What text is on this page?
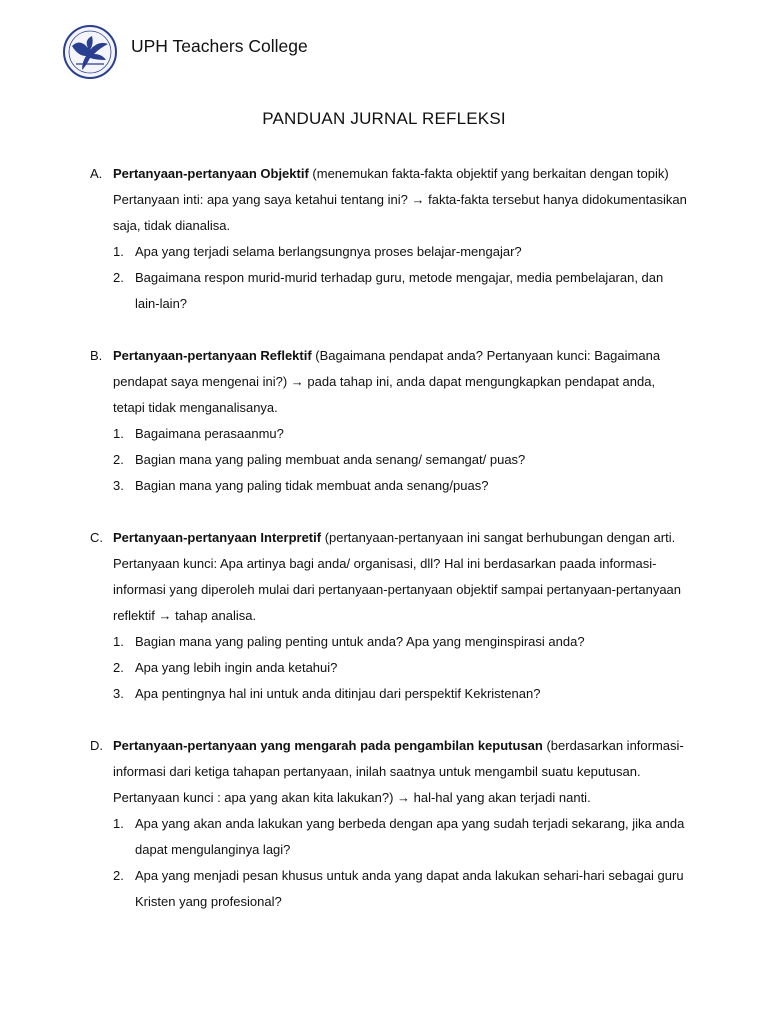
UPH Teachers College
PANDUAN JURNAL REFLEKSI
A. Pertanyaan-pertanyaan Objektif (menemukan fakta-fakta objektif yang berkaitan dengan topik) Pertanyaan inti: apa yang saya ketahui tentang ini? → fakta-fakta tersebut hanya didokumentasikan saja, tidak dianalisa.
1. Apa yang terjadi selama berlangsungnya proses belajar-mengajar?
2. Bagaimana respon murid-murid terhadap guru, metode mengajar, media pembelajaran, dan lain-lain?
B. Pertanyaan-pertanyaan Reflektif (Bagaimana pendapat anda? Pertanyaan kunci: Bagaimana pendapat saya mengenai ini?) → pada tahap ini, anda dapat mengungkapkan pendapat anda, tetapi tidak menganalisanya.
1. Bagaimana perasaanmu?
2. Bagian mana yang paling membuat anda senang/ semangat/ puas?
3. Bagian mana yang paling tidak membuat anda senang/puas?
C. Pertanyaan-pertanyaan Interpretif (pertanyaan-pertanyaan ini sangat berhubungan dengan arti. Pertanyaan kunci: Apa artinya bagi anda/ organisasi, dll? Hal ini berdasarkan paada informasi-informasi yang diperoleh mulai dari pertanyaan-pertanyaan objektif sampai pertanyaan-pertanyaan reflektif → tahap analisa.
1. Bagian mana yang paling penting untuk anda? Apa yang menginspirasi anda?
2. Apa yang lebih ingin anda ketahui?
3. Apa pentingnya hal ini untuk anda ditinjau dari perspektif Kekristenan?
D. Pertanyaan-pertanyaan yang mengarah pada pengambilan keputusan (berdasarkan informasi-informasi dari ketiga tahapan pertanyaan, inilah saatnya untuk mengambil suatu keputusan. Pertanyaan kunci : apa yang akan kita lakukan?) → hal-hal yang akan terjadi nanti.
1. Apa yang akan anda lakukan yang berbeda dengan apa yang sudah terjadi sekarang, jika anda dapat mengulanginya lagi?
2. Apa yang menjadi pesan khusus untuk anda yang dapat anda lakukan sehari-hari sebagai guru Kristen yang profesional?
